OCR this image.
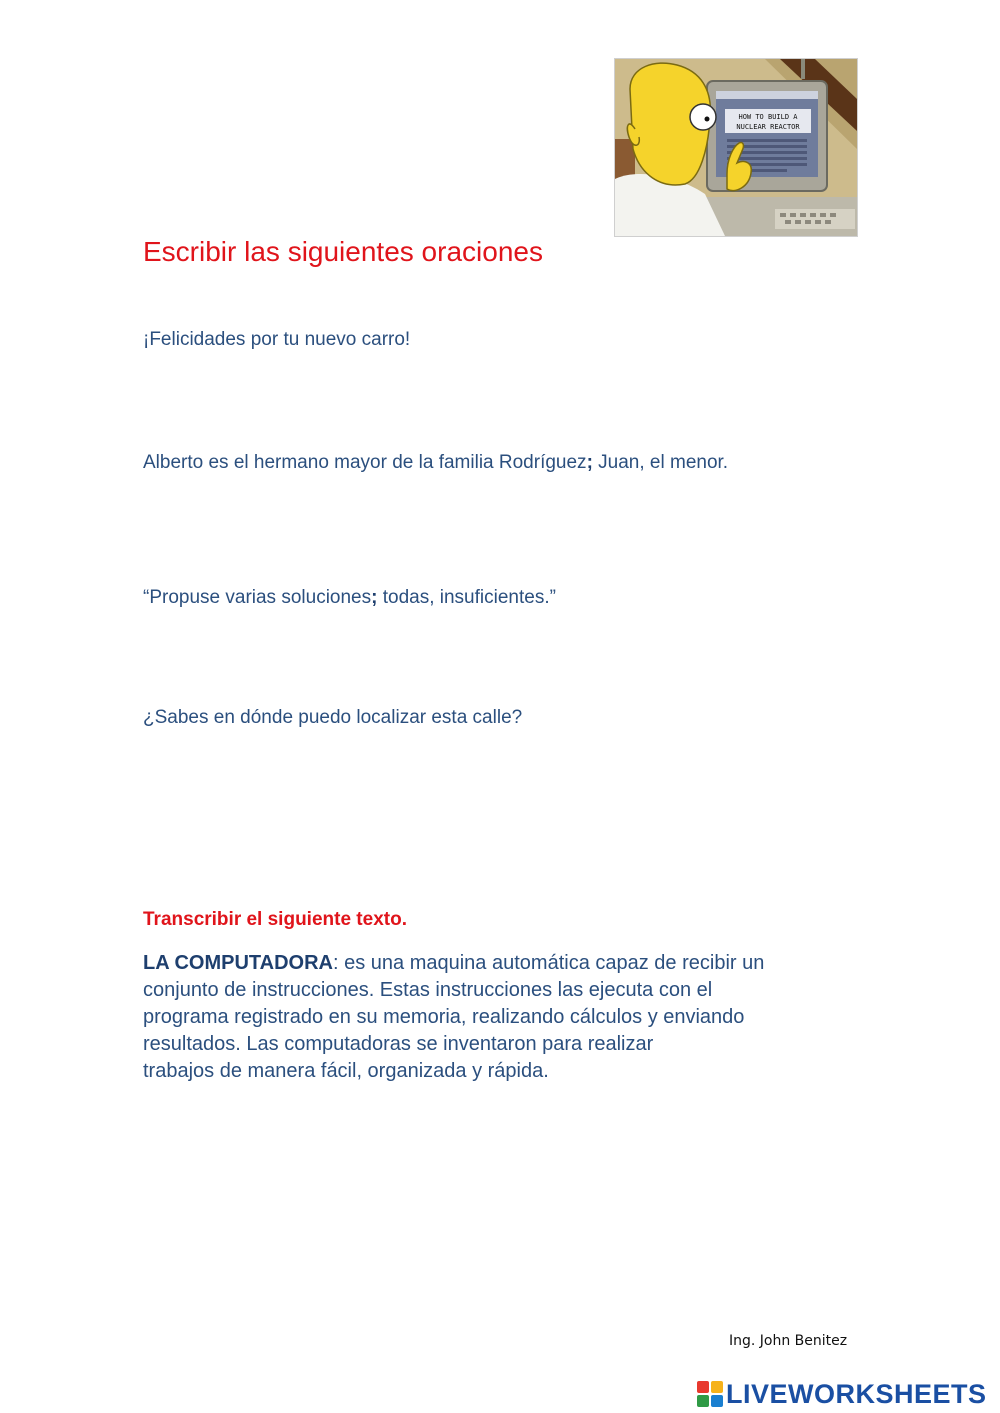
HOW TO BUILD A
NUCLEAR REACTOR
Escribir las siguientes oraciones
¡Felicidades por tu nuevo carro!
Alberto es el hermano mayor de la familia Rodríguez; Juan, el menor.
“Propuse varias soluciones; todas, insuficientes.”
¿Sabes en dónde puedo localizar esta calle?
Transcribir el siguiente texto.
LA COMPUTADORA: es una maquina automática capaz de recibir un
conjunto de instrucciones. Estas instrucciones las ejecuta con el
programa registrado en su memoria, realizando cálculos y enviando
resultados. Las computadoras se inventaron para realizar
trabajos de manera fácil, organizada y rápida.
Ing. John Benitez
LIVEWORKSHEETS
